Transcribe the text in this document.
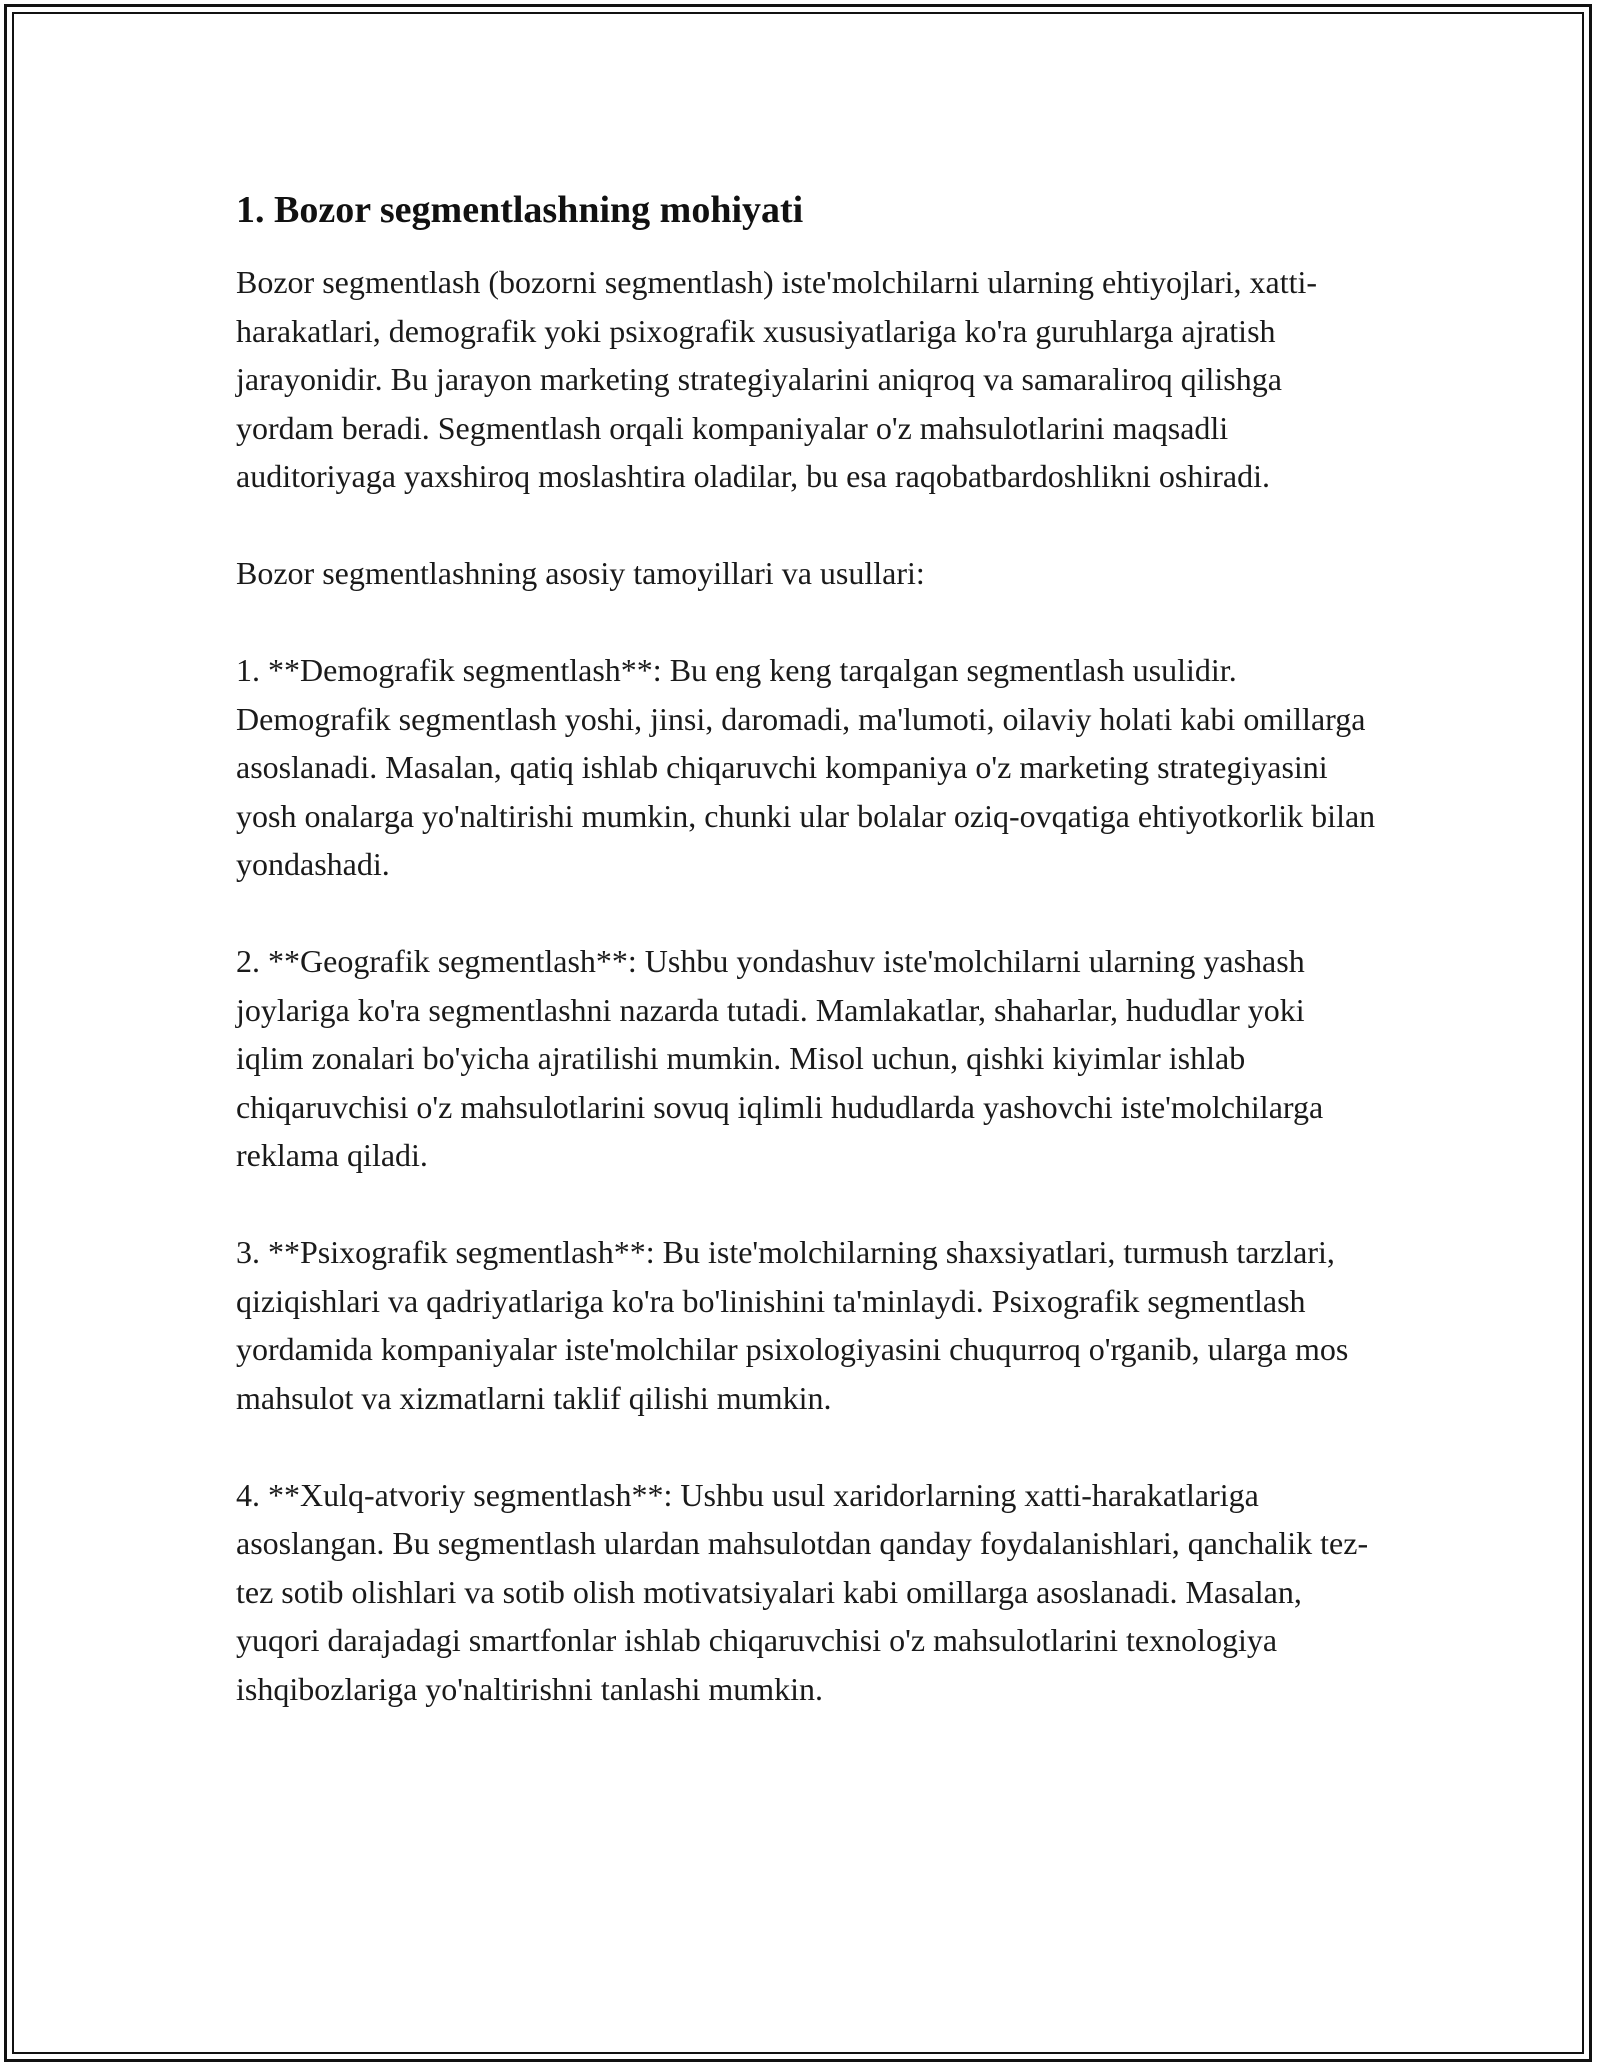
1. Bozor segmentlashning mohiyati

Bozor segmentlash (bozorni segmentlash) iste'molchilarni ularning ehtiyojlari, xatti-harakatlari, demografik yoki psixografik xususiyatlariga ko'ra guruhlarga ajratish jarayonidir. Bu jarayon marketing strategiyalarini aniqroq va samaraliroq qilishga yordam beradi. Segmentlash orqali kompaniyalar o'z mahsulotlarini maqsadli auditoriyaga yaxshiroq moslashtira oladilar, bu esa raqobatbardoshlikni oshiradi.

Bozor segmentlashning asosiy tamoyillari va usullari:

1. **Demografik segmentlash**: Bu eng keng tarqalgan segmentlash usulidir. Demografik segmentlash yoshi, jinsi, daromadi, ma'lumoti, oilaviy holati kabi omillarga asoslanadi. Masalan, qatiq ishlab chiqaruvchi kompaniya o'z marketing strategiyasini yosh onalarga yo'naltirishi mumkin, chunki ular bolalar oziq-ovqatiga ehtiyotkorlik bilan yondashadi.

2. **Geografik segmentlash**: Ushbu yondashuv iste'molchilarni ularning yashash joylariga ko'ra segmentlashni nazarda tutadi. Mamlakatlar, shaharlar, hududlar yoki iqlim zonalari bo'yicha ajratilishi mumkin. Misol uchun, qishki kiyimlar ishlab chiqaruvchisi o'z mahsulotlarini sovuq iqlimli hududlarda yashovchi iste'molchilarga reklama qiladi.

3. **Psixografik segmentlash**: Bu iste'molchilarning shaxsiyatlari, turmush tarzlari, qiziqishlari va qadriyatlariga ko'ra bo'linishini ta'minlaydi. Psixografik segmentlash yordamida kompaniyalar iste'molchilar psixologiyasini chuqurroq o'rganib, ularga mos mahsulot va xizmatlarni taklif qilishi mumkin.

4. **Xulq-atvoriy segmentlash**: Ushbu usul xaridorlarning xatti-harakatlariga asoslangan. Bu segmentlash ulardan mahsulotdan qanday foydalanishlari, qanchalik tez-tez sotib olishlari va sotib olish motivatsiyalari kabi omillarga asoslanadi. Masalan, yuqori darajadagi smartfonlar ishlab chiqaruvchisi o'z mahsulotlarini texnologiya ishqibozlariga yo'naltirishni tanlashi mumkin.
